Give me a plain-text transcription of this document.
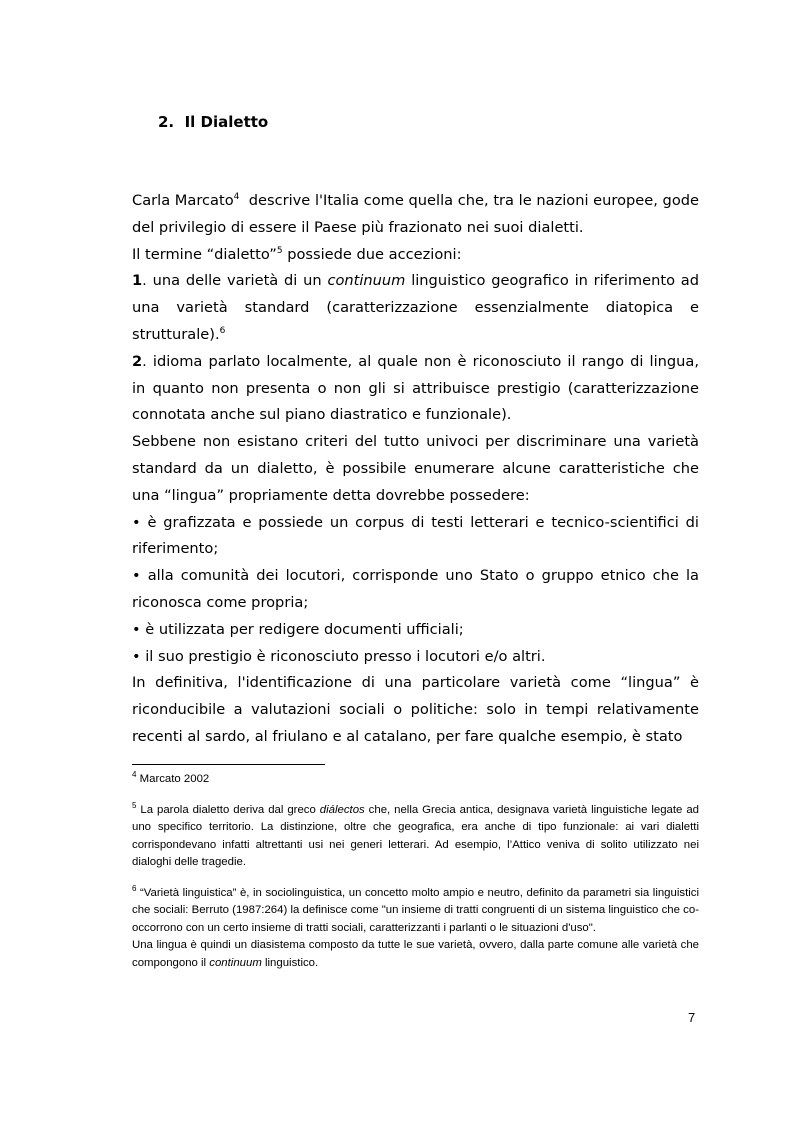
2. Il Dialetto

Carla Marcato$^4$  descrive l'Italia come quella che, tra le nazioni europee, gode del privilegio di essere il Paese più frazionato nei suoi dialetti.

Il termine “dialetto”$^5$ possiede due accezioni:

1. una delle varietà di un continuum linguistico geografico in riferimento ad una varietà standard (caratterizzazione essenzialmente diatopica e strutturale).$^6$

2. idioma parlato localmente, al quale non è riconosciuto il rango di lingua, in quanto non presenta o non gli si attribuisce prestigio (caratterizzazione connotata anche sul piano diastratico e funzionale).

Sebbene non esistano criteri del tutto univoci per discriminare una varietà standard da un dialetto, è possibile enumerare alcune caratteristiche che una “lingua” propriamente detta dovrebbe possedere:

• è grafizzata e possiede un corpus di testi letterari e tecnico-scientifici di riferimento;

• alla comunità dei locutori, corrisponde uno Stato o gruppo etnico che la riconosca come propria;

• è utilizzata per redigere documenti ufficiali;

• il suo prestigio è riconosciuto presso i locutori e/o altri.

In definitiva, l'identificazione di una particolare varietà come “lingua” è riconducibile a valutazioni sociali o politiche: solo in tempi relativamente recenti al sardo, al friulano e al catalano, per fare qualche esempio, è stato

$^4$ Marcato 2002

$^5$ La parola dialetto deriva dal greco diálectos che, nella Grecia antica, designava varietà linguistiche legate ad uno specifico territorio. La distinzione, oltre che geografica, era anche di tipo funzionale: ai vari dialetti corrispondevano infatti altrettanti usi nei generi letterari. Ad esempio, l’Attico veniva di solito utilizzato nei dialoghi delle tragedie.

$^6$ “Varietà linguistica” è, in sociolinguistica, un concetto molto ampio e neutro, definito da parametri sia linguistici che sociali: Berruto (1987:264) la definisce come "un insieme di tratti congruenti di un sistema linguistico che co-occorrono con un certo insieme di tratti sociali, caratterizzanti i parlanti o le situazioni d'uso".

Una lingua è quindi un diasistema composto da tutte le sue varietà, ovvero, dalla parte comune alle varietà che compongono il continuum linguistico.

7
